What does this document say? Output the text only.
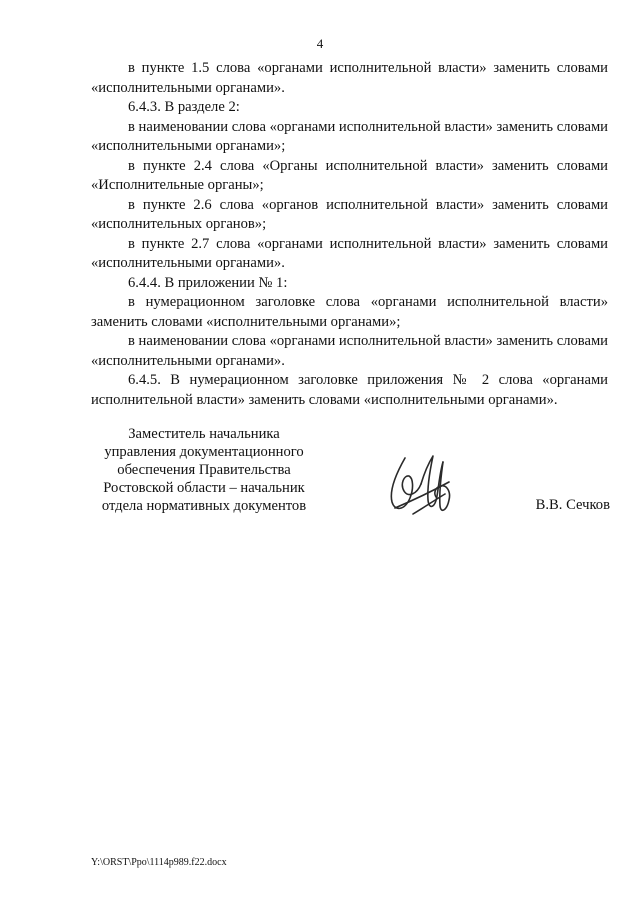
4

в пункте 1.5 слова «органами исполнительной власти» заменить словами «исполнительными органами».

6.4.3. В разделе 2:

в наименовании слова «органами исполнительной власти» заменить словами «исполнительными органами»;

в пункте 2.4 слова «Органы исполнительной власти» заменить словами «Исполнительные органы»;

в пункте 2.6 слова «органов исполнительной власти» заменить словами «исполнительных органов»;

в пункте 2.7 слова «органами исполнительной власти» заменить словами «исполнительными органами».

6.4.4. В приложении № 1:

в нумерационном заголовке слова «органами исполнительной власти» заменить словами «исполнительными органами»;

в наименовании слова «органами исполнительной власти» заменить словами «исполнительными органами».

6.4.5. В нумерационном заголовке приложения № 2 слова «органами исполнительной власти» заменить словами «исполнительными органами».

Заместитель начальника
управления документационного
обеспечения Правительства
Ростовской области – начальник
отдела нормативных документов	В.В. Сечков
Y:\ORST\Ppo\1114p989.f22.docx
